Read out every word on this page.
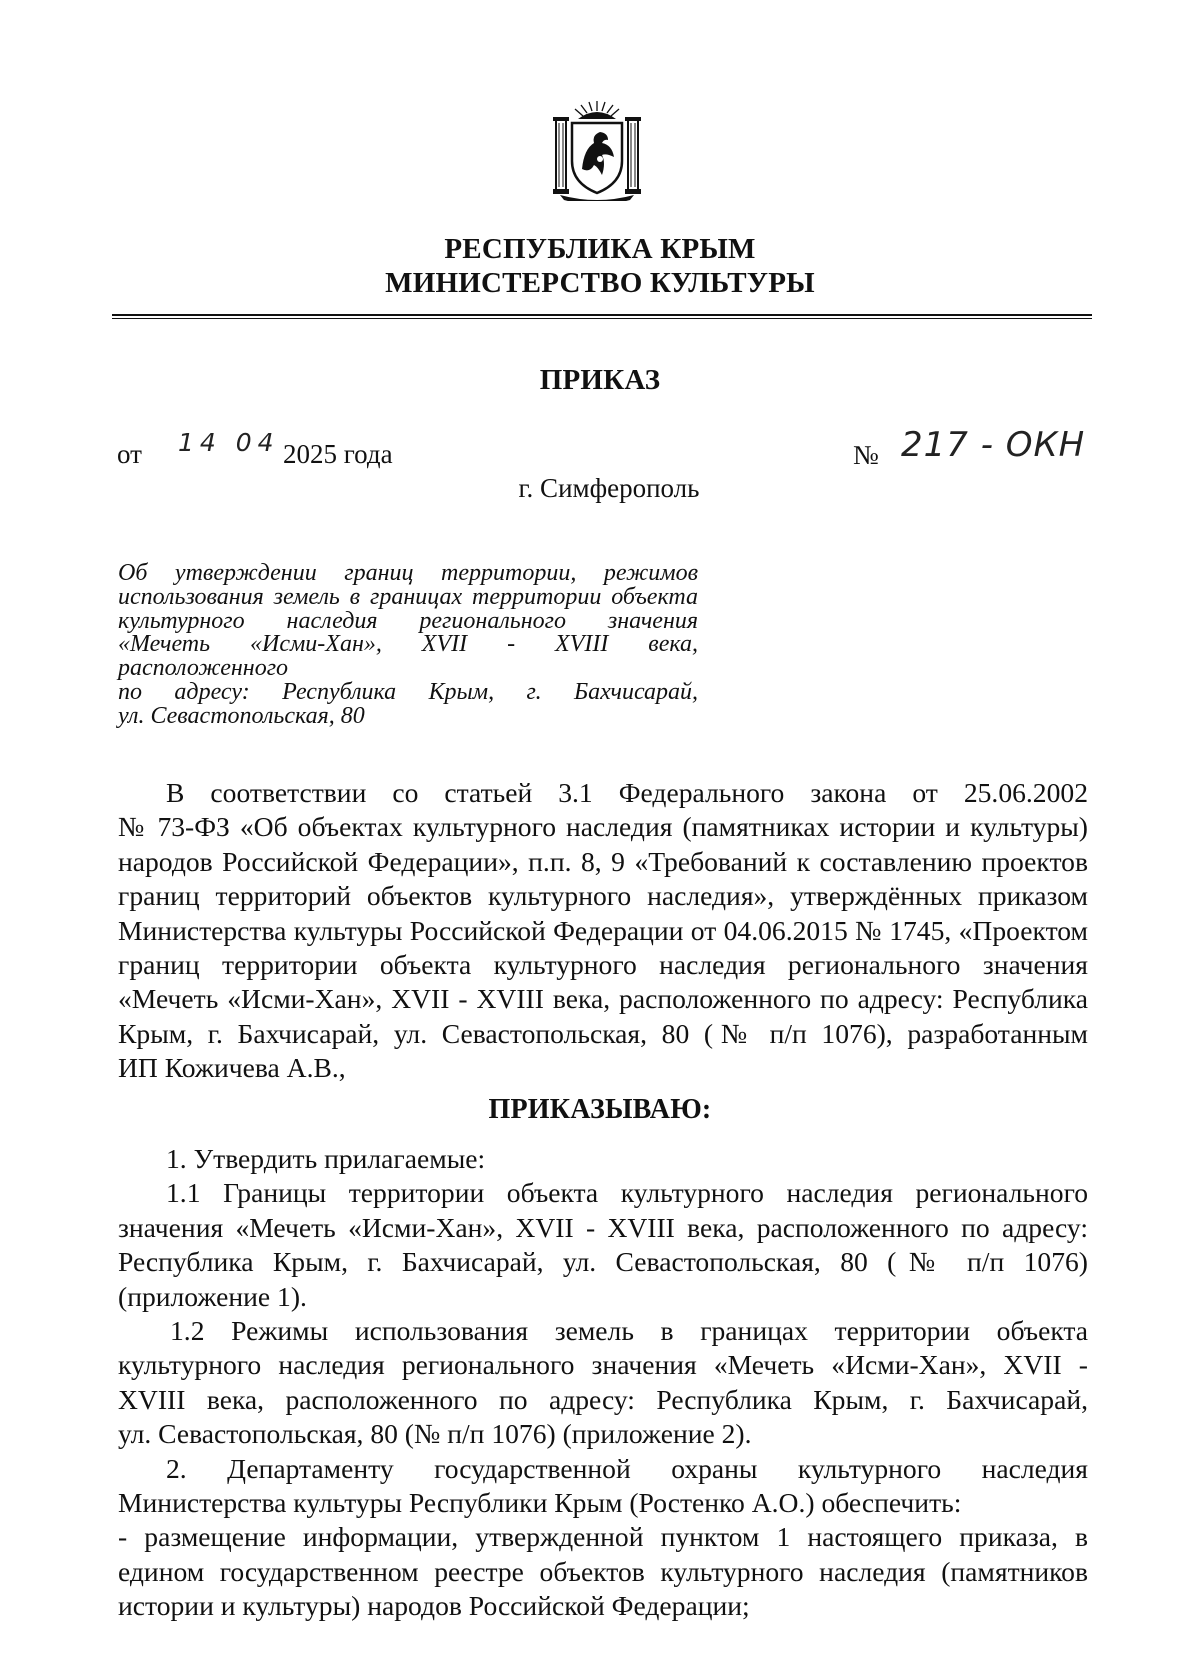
РЕСПУБЛИКА КРЫМ
МИНИСТЕРСТВО КУЛЬТУРЫ
ПРИКАЗ
от 14 04 2025 года	№ 217 - ОКН
г. Симферополь
Об утверждении границ территории, режимов
использования земель в границах территории объекта
культурного наследия регионального значения
«Мечеть «Исми-Хан», XVII - XVIII века, расположенного
по адресу: Республика Крым, г. Бахчисарай,
ул. Севастопольская, 80
В соответствии со статьей 3.1 Федерального закона от 25.06.2002
№ 73-ФЗ «Об объектах культурного наследия (памятниках истории и культуры)
народов Российской Федерации», п.п. 8, 9 «Требований к составлению проектов
границ территорий объектов культурного наследия», утверждённых приказом
Министерства культуры Российской Федерации от 04.06.2015 № 1745, «Проектом
границ территории объекта культурного наследия регионального значения
«Мечеть «Исми-Хан», XVII - XVIII века, расположенного по адресу: Республика
Крым, г. Бахчисарай, ул. Севастопольская, 80 (№ п/п 1076), разработанным
ИП Кожичева А.В.,
ПРИКАЗЫВАЮ:
1. Утвердить прилагаемые:
1.1 Границы территории объекта культурного наследия регионального
значения «Мечеть «Исми-Хан», XVII - XVIII века, расположенного по адресу:
Республика Крым, г. Бахчисарай, ул. Севастопольская, 80 (№ п/п 1076)
(приложение 1).
1.2 Режимы использования земель в границах территории объекта
культурного наследия регионального значения «Мечеть «Исми-Хан», XVII -
XVIII века, расположенного по адресу: Республика Крым, г. Бахчисарай,
ул. Севастопольская, 80 (№ п/п 1076) (приложение 2).
2. Департаменту государственной охраны культурного наследия
Министерства культуры Республики Крым (Ростенко А.О.) обеспечить:
- размещение информации, утвержденной пунктом 1 настоящего приказа, в
едином государственном реестре объектов культурного наследия (памятников
истории и культуры) народов Российской Федерации;
